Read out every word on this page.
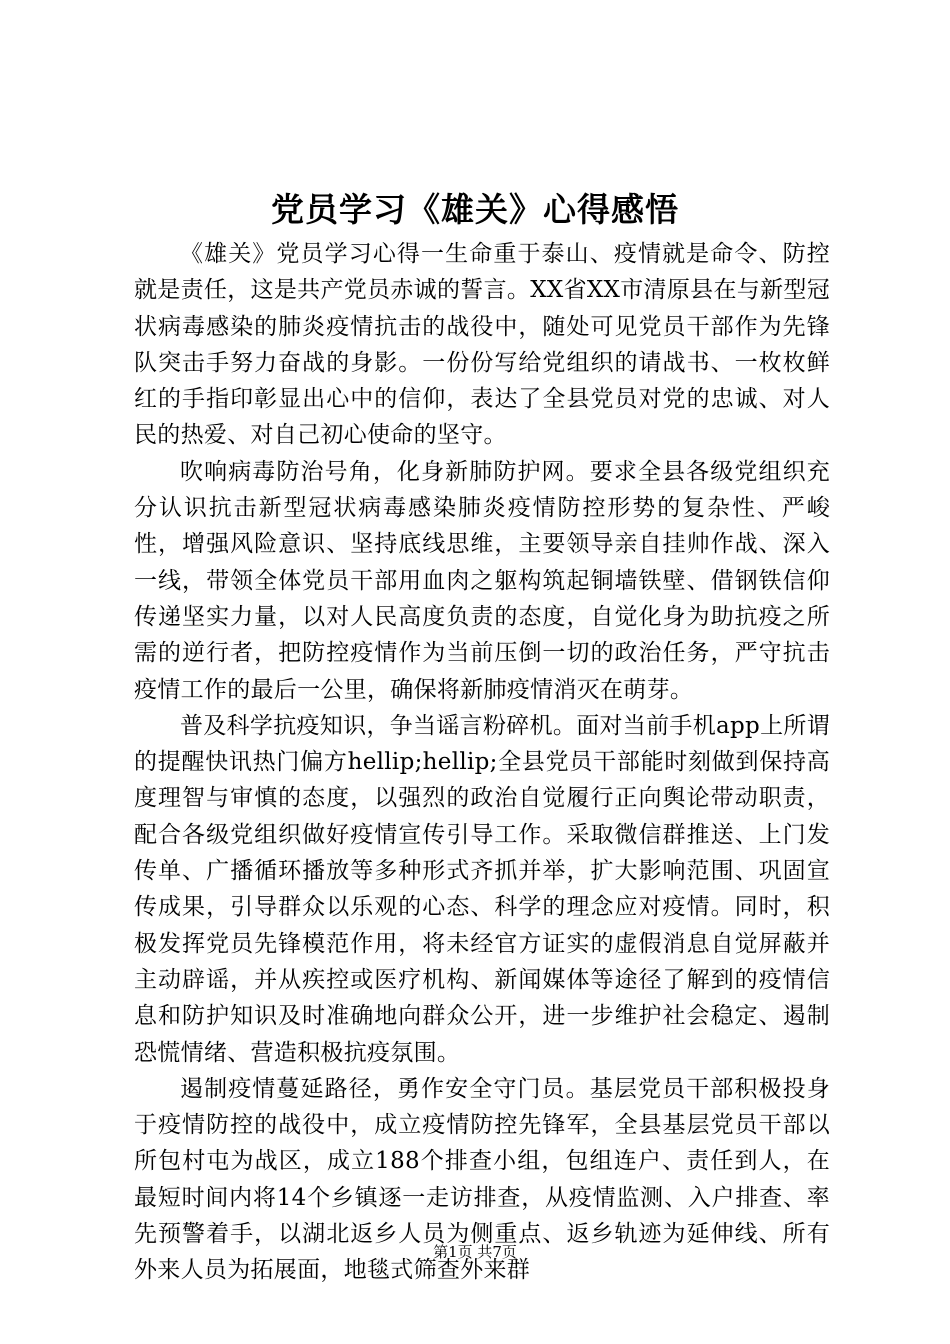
党员学习《雄关》心得感悟

《雄关》党员学习心得一生命重于泰山、疫情就是命令、防控就是责任，这是共产党员赤诚的誓言。XX省XX市清原县在与新型冠状病毒感染的肺炎疫情抗击的战役中，随处可见党员干部作为先锋队突击手努力奋战的身影。一份份写给党组织的请战书、一枚枚鲜红的手指印彰显出心中的信仰，表达了全县党员对党的忠诚、对人民的热爱、对自己初心使命的坚守。

吹响病毒防治号角，化身新肺防护网。要求全县各级党组织充分认识抗击新型冠状病毒感染肺炎疫情防控形势的复杂性、严峻性，增强风险意识、坚持底线思维，主要领导亲自挂帅作战、深入一线，带领全体党员干部用血肉之躯构筑起铜墙铁壁、借钢铁信仰传递坚实力量，以对人民高度负责的态度，自觉化身为助抗疫之所需的逆行者，把防控疫情作为当前压倒一切的政治任务，严守抗击疫情工作的最后一公里，确保将新肺疫情消灭在萌芽。

普及科学抗疫知识，争当谣言粉碎机。面对当前手机app上所谓的提醒快讯热门偏方hellip;hellip;全县党员干部能时刻做到保持高度理智与审慎的态度，以强烈的政治自觉履行正向舆论带动职责，配合各级党组织做好疫情宣传引导工作。采取微信群推送、上门发传单、广播循环播放等多种形式齐抓并举，扩大影响范围、巩固宣传成果，引导群众以乐观的心态、科学的理念应对疫情。同时，积极发挥党员先锋模范作用，将未经官方证实的虚假消息自觉屏蔽并主动辟谣，并从疾控或医疗机构、新闻媒体等途径了解到的疫情信息和防护知识及时准确地向群众公开，进一步维护社会稳定、遏制恐慌情绪、营造积极抗疫氛围。

遏制疫情蔓延路径，勇作安全守门员。基层党员干部积极投身于疫情防控的战役中，成立疫情防控先锋军，全县基层党员干部以所包村屯为战区，成立188个排查小组，包组连户、责任到人，在最短时间内将14个乡镇逐一走访排查，从疫情监测、入户排查、率先预警着手，以湖北返乡人员为侧重点、返乡轨迹为延伸线、所有外来人员为拓展面，地毯式筛查外来群

第1页 共7页
